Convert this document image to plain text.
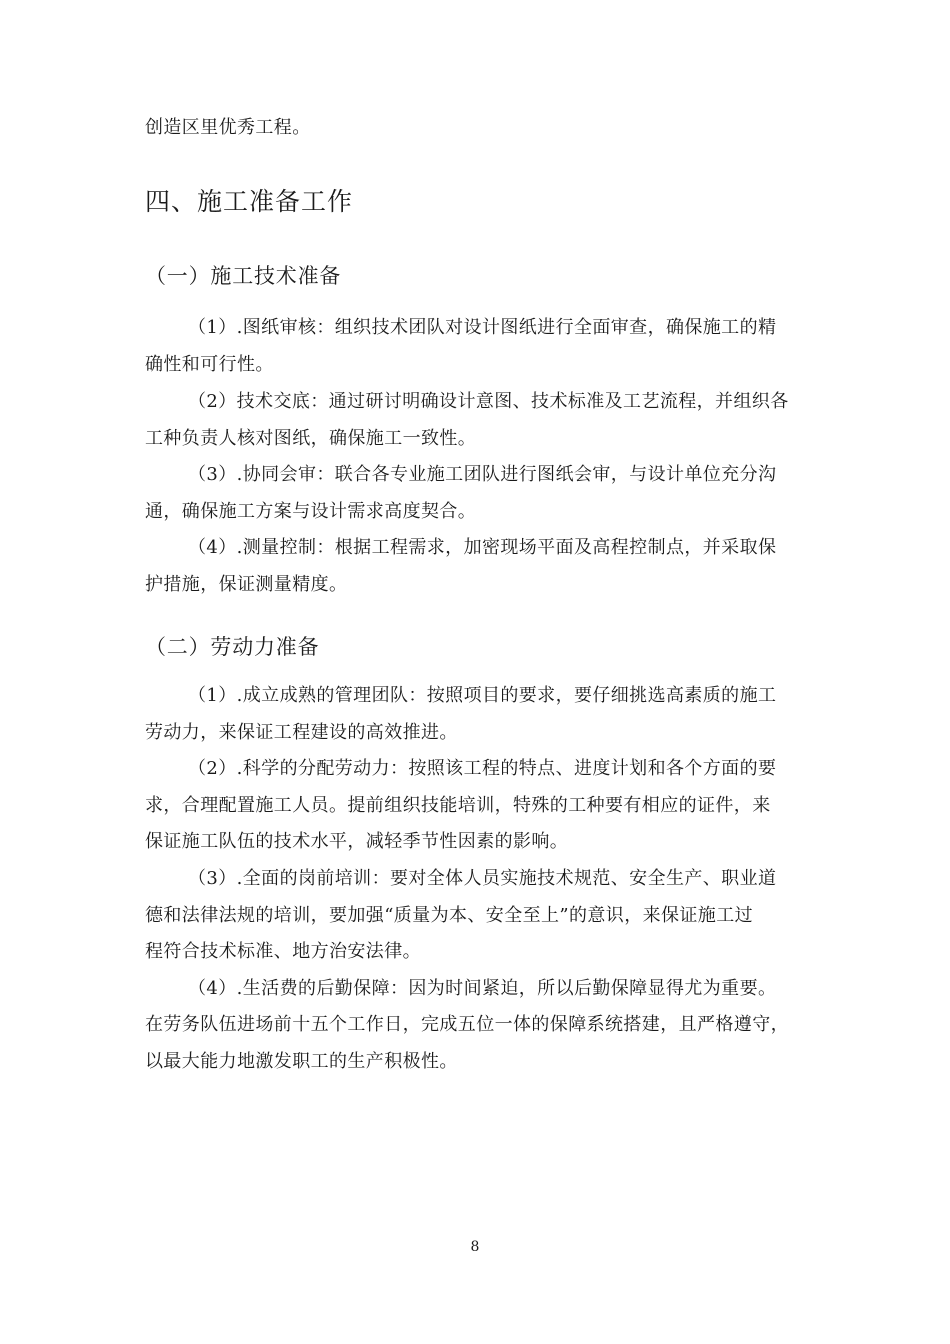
创造区里优秀工程。
四、施工准备工作
（一）施工技术准备
（1）.图纸审核：组织技术团队对设计图纸进行全面审查，确保施工的精
确性和可行性。
（2）技术交底：通过研讨明确设计意图、技术标准及工艺流程，并组织各
工种负责人核对图纸，确保施工一致性。
（3）.协同会审：联合各专业施工团队进行图纸会审，与设计单位充分沟
通，确保施工方案与设计需求高度契合。
（4）.测量控制：根据工程需求，加密现场平面及高程控制点，并采取保
护措施，保证测量精度。
（二）劳动力准备
（1）.成立成熟的管理团队：按照项目的要求，要仔细挑选高素质的施工
劳动力，来保证工程建设的高效推进。
（2）.科学的分配劳动力：按照该工程的特点、进度计划和各个方面的要
求，合理配置施工人员。提前组织技能培训，特殊的工种要有相应的证件，来
保证施工队伍的技术水平，减轻季节性因素的影响。
（3）.全面的岗前培训：要对全体人员实施技术规范、安全生产、职业道
德和法律法规的培训，要加强“质量为本、安全至上”的意识，来保证施工过
程符合技术标准、地方治安法律。
（4）.生活费的后勤保障：因为时间紧迫，所以后勤保障显得尤为重要。
在劳务队伍进场前十五个工作日，完成五位一体的保障系统搭建，且严格遵守，
以最大能力地激发职工的生产积极性。
8
